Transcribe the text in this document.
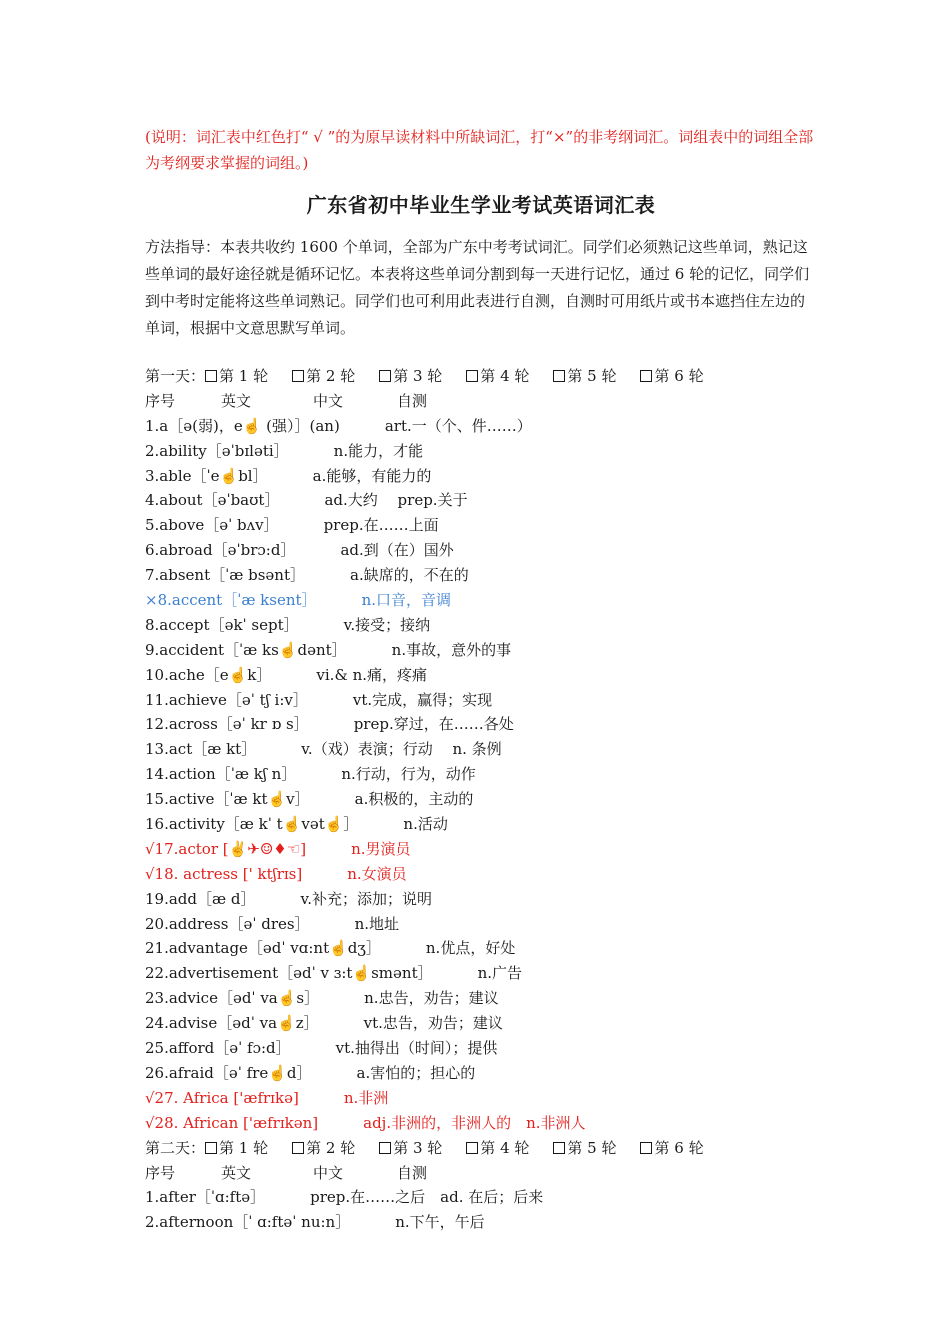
(说明：词汇表中红色打“ √ ”的为原早读材料中所缺词汇，打“×”的非考纲词汇。词组表中的词组全部为考纲要求掌握的词组。)

广东省初中毕业生学业考试英语词汇表

方法指导：本表共收约 1600 个单词，全部为广东中考考试词汇。同学们必须熟记这些单词，熟记这些单词的最好途径就是循环记忆。本表将这些单词分割到每一天进行记忆，通过 6 轮的记忆，同学们到中考时定能将这些单词熟记。同学们也可利用此表进行自测，自测时可用纸片或书本遮挡住左边的单词，根据中文意思默写单词。

第一天： 第 1 轮	第 2 轮	第 3 轮	第 4 轮	第 5 轮	第 6 轮
序号	英文	中文	自测
1.a［ə(弱)，e☝ (强）］(an)　　　	art.一（个、件……）
2.ability［əˈbɪləti］　　　	n.能力，才能
3.able［ˈe☝bl］　　　	a.能够，有能力的
4.about［əˈbaʊt］　　　	ad.大约　 prep.关于
5.above［əˈ bʌv］　　　	prep.在……上面
6.abroad［əˈbrɔ:d］　　　	ad.到（在）国外
7.absent［ˈæ bsənt］　　　	a.缺席的，不在的
×8.accent［ˈæ ksent］　　　	n.口音，音调
8.accept［əkˈ sept］　　　	v.接受；接纳
9.accident［ˈæ ks☝dənt］　　　	n.事故，意外的事
10.ache［e☝k］　　　	vi.& n.痛，疼痛
11.achieve［əˈ tʃ i:v］　　　	vt.完成，赢得；实现
12.across［əˈ kr ɒ s］　　　	prep.穿过，在……各处
13.act［æ kt］　　　	v.（戏）表演；行动　 n. 条例
14.action［ˈæ kʃ n］　　　	n.行动，行为，动作
15.active［ˈæ kt☝v］　　　	a.积极的，主动的
16.activity［æ kˈ t☝vət☝］　　　	n.活动
√17.actor [✌✈☺♦☜]　　　	n.男演员
√18. actress [' ktʃrɪs]　　　	n.女演员
19.add［æ d］　　　	v.补充；添加；说明
20.address［əˈ dres］　　　	n.地址
21.advantage［ədˈ vɑ:nt☝dʒ］　　　	n.优点，好处
22.advertisement［ədˈ v ɜ:t☝smənt］　　　	n.广告
23.advice［ədˈ va☝s］　　　	n.忠告，劝告；建议
24.advise［ədˈ va☝z］　　　	vt.忠告，劝告；建议
25.afford［əˈ fɔ:d］　　　	vt.抽得出（时间）；提供
26.afraid［əˈ fre☝d］　　　	a.害怕的；担心的
√27. Africa ['æfrɪkə]　　　	n.非洲
√28. African ['æfrɪkən]　　　	adj.非洲的，非洲人的　n.非洲人
第二天： 第 1 轮	第 2 轮	第 3 轮	第 4 轮	第 5 轮	第 6 轮
序号	英文	中文	自测
1.after［ˈɑ:ftə］　　　	prep.在……之后　ad. 在后；后来
2.afternoon［ˈ ɑ:ftəˈ nu:n］　　　	n.下午，午后
